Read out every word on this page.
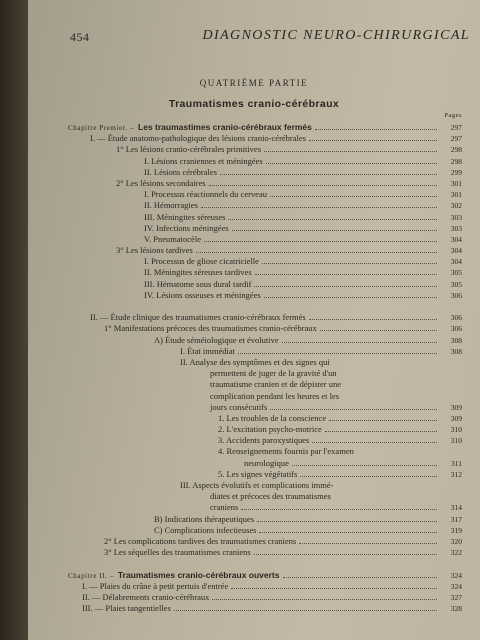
454	DIAGNOSTIC NEURO-CHIRURGICAL
QUATRIÈME PARTIE
Traumatismes cranio-cérébraux
Pages
Chapitre Premier. – Les traumastimes cranio-cérébraux fermés	297
I. — Étude anatomo-pathologique des lésions cranio-cérébrales	297
1° Les lésions cranio-cérébrales primitives	298
I. Lésions craniennes et méningées	298
II. Lésions cérébrales	299
2° Les lésions secondaires	301
I. Processus réactionnels du cerveau	301
II. Hémorragies	302
III. Méningites séreuses	303
IV. Infections méningées	303
V. Pneumatocèle	304
3° Les lésions tardives	304
I. Processus de gliose cicatricielle	304
II. Méningites séreuses tardives	305
III. Hématome sous dural tardif	305
IV. Lésions osseuses et méningées	306
II. — Étude clinique des traumatismes cranio-cérébraux fermés	306
1° Manifestations précoces des traumatismes cranio-cérébraux	306
A) Étude séméiologique et évolutive	308
I. État immédiat	308
II. Analyse des symptômes et des signes qui
permettent de juger de la gravité d'un
traumatisme cranien et de dépister une
complication pendant les heures et les
jours consécutifs	309
1. Les troubles de la conscience	309
2. L'excitation psycho-motrice	310
3. Accidents paroxystiques	310
4. Renseignements fournis par l'examen
neurologique	311
5. Les signes végétatifs	312
III. Aspects évolutifs et complications immé-
diates et précoces des traumatismes
craniens	314
B) Indications thérapeutiques	317
C) Complications infectieuses	319
2° Les complications tardives des traumatismes craniens	320
3° Les séquelles des traumatismes craniens	322
Chapitre II. – Traumatismes cranio-cérébraux ouverts	324
I. — Plaies du crâne à petit pertuis d'entrée	324
II. — Délabrements cranio-cérébraux	327
III. — Plaies tangentielles	328
